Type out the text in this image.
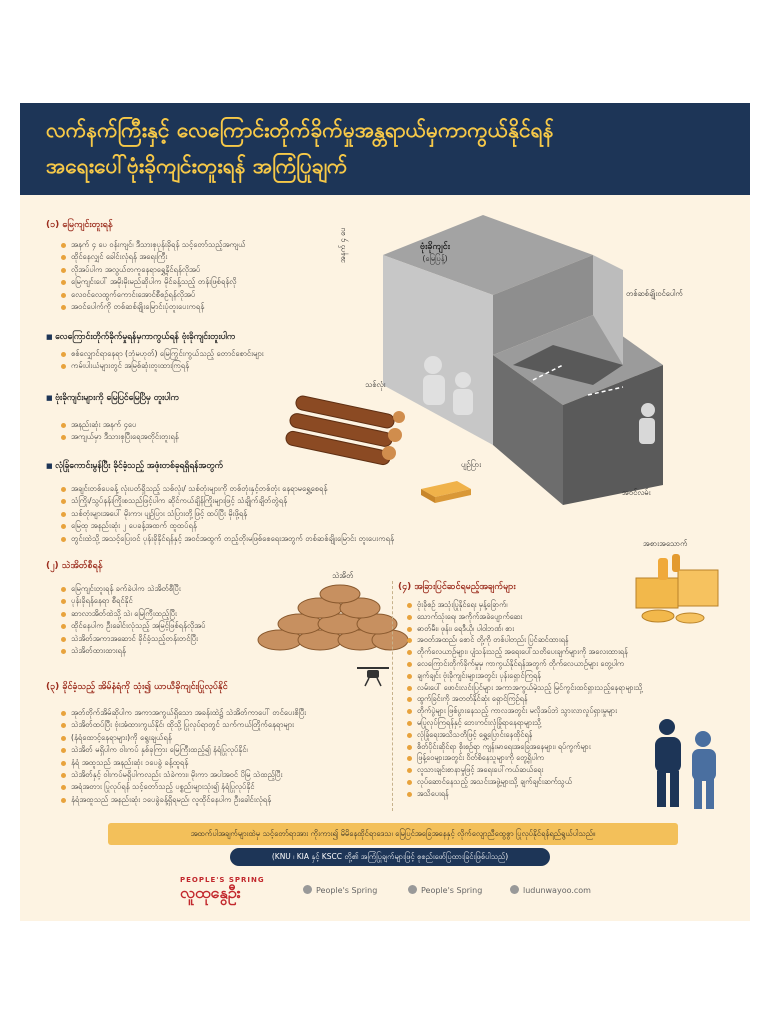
လက်နက်ကြီးနှင့် လေကြောင်းတိုက်ခိုက်မှုအန္တရာယ်မှကာကွယ်နိုင်ရန်
အရေးပေါ်ဗုံးခိုကျင်းတူးရန် အကြံပြုချက်
(၁) မြေကျင်းတူးရန်
အနက် ၄ ပေ ဝန်းကျင်၊ ဒီသားစုပုန်းခိုရန် သင့်တော်သည့်အကျယ်
ထိုင်နေလျှင် ခေါင်းလုံရန် အရေးကြီး
လိုအပ်ပါက အလွယ်တကူနေရာရွှေ့နိုင်ရန်လိုအပ်
မြေကျင်းပေါ် အမိုးမိုးမည်ဆိုပါက မိုင်ခန့်သည့် တန်းဖြစ်ရန်လို
လေဝင်လေထွက်ကောင်းအောင်စီစဉ်ရန်လိုအပ်
အဝင်ပေါက်ကို တစ်ဆစ်ချိုးမြောင်းပုံတူးပေးကရန်
■ လေကြောင်းတိုက်ခိုက်မှုရန်မှကာကွယ်ရန် ဗုံးခိုကျင်းတူးပါက
စစ်လျှောင်ရာနေရာ (ဘုံမဟုတ်) မြေကြွင်းကွယ်သည့် တောင်စောင်းများ
ကမ်းပါးယံများတွင် အမြစ်ဆုံးတူးထားကြရန်
■ ဗုံးခိုကျင်းများကို မြေပြင်မြေပြိမှ တူးပါက
အနည်းဆုံး အနက် ၄ပေ
အကျယ်မှာ ဒီသားစုပြီးရေအတိုင်းတူးရန်
■ လုံခြုံကောင်းမွန်ပြီး ခိုင်ခံ့သည့် အဖုံးတစ်ခုရရှိရန်အတွက်
အချင်းတစ်ပေခန့် လုံးပတ်ရှိသည့် သစ်လုံး/ သစ်တုံးများကို တစ်တုံးနှင့်တစ်တုံး နေရာမရွှေ့စေရန်
သံကြိုး/သွပ်နန်းကြိုးစသည်ဖြင့်ပါက ဆိုင်ကယ်ချိန်ကြိုးများဖြင့် သံချိုက်ချိတ်တွဲရန်
သစ်တုံးများအပေါ် မိုးကာ၊ ပျဉ်ပြား သံပြားတို့ဖြင့် ထပ်ပြီး မိုးဖို့ရန်
မြေထု အနည်းဆုံး ၂ ပေခန့်အထက် ထူထပ်ရန်
တွင်းထဲသို့ အသင့်ပြေးဝင် ပုန်းခိုနိုင်ရန်နှင့် အဝင်အထွက် တည့်တိုးမဖြစ်စေရေးအတွက် တစ်ဆစ်ချိုးမြောင်း တူးပေးကရန်
ဗုံးခိုကျင်း
(မြေပြန့်)
အနက် ၄ ပေ
တစ်ဆစ်ချိုးဝင်ပေါက်
အဝင်လမ်း
သစ်လုံး
ပျဉ်ပြား
(၂) သဲအိတ်စီရန်
မြေကျင်းတူးရန် ခက်ခဲပါက သဲအိတ်စီပြီး
ပုန်းခိုရန်နေရာ စီရင်နိုင်
ဆာလာအိတ်ထဲသို့ သဲ၊ မြေကြီးထည့်ပြီး
ထိုင်နေပါက ဦးခေါင်းလုံသည့် အမြင့်ဖြစ်ရန်လိုအပ်
သဲအိတ်အကာအဆောင် ခိုင်ခံ့သည့်တန်းတင်ပြီး
သဲအိတ်ထားထားရန်
သဲအိတ်
(၃) ခိုင်ခံ့သည့် အိမ်နံရံကို သုံး၍ ယာယီခိုကျင်းပြုလုပ်နိုင်
အုတ်တိုက်အိမ်ဆိုပါက အကာအကွယ်ရှိသော အခန်းထဲ၌ သဲအိတ်ကာပေါ် တင်ပေးစိပြီး
သဲအိတ်ထပ်ပြီး ဗုံးအံထားကွယ်နိုင်၊ ထိုသို့ ပြုလုပ်ရာတွင် သက်ကယ်တြိုက်နေရာများ
(နံရံထောင့်နေရာများ)ကို ရွေးချယ်ရန်
သဲအိတ် မရှိပါက ဝါးကပ် နှစ်ခုကြား မြေကြီးထည့်၍ နံရံပြုလုပ်နိုင်၊
နံရံ အထူသည် အနည်းဆုံး ၁ပေခွဲ ခန့်ထူရန်
သဲအိတ်နှင့် ဝါးကပ်မရှိပါကလည်း သံခဲကား၊ မိုးကာ အပါအဝင် ပိမြ သဲထည့်ပြီး
အရံအတား ပြုလုပ်ရန် သင့်တော်သည့် ပစ္စည်းများသုံး၍ နံရံပြုလုပ်နိုင်
နံရံအထူသည် အနည်းဆုံး ၁ပေခွဲခန့်ရှိရမည်၊ လူထိုင်နေပါက ဦးခေါင်းလုံရန်
(၄) အခြားပြင်ဆင်ရမည့်အချက်များ
ဗုံးခိုစဉ် အသုံးပြုနိုင်ရေး မှန့်ခြောက်၊
သောက်သုံးရေ၊ အကိုက်အခဲပျောက်ဆေး
ဓာတ်မီး၊ ဖုန်း၊ ရေဒီယို၊ ပါဝါဘဏ်၊ စား
အဝတ်အထည်၊ စောင် တို့ကို တစ်ပါတည်း ပြင်ဆင်ထားရန်
တိုက်လေယာဉ်များ၊ ပျံသန်းသည့် အရေးပေါ်သတိပေးချက်များကို အလေးထားရန်
လေကြောင်းတိုက်ခိုက်မှုမှ ကာကွယ်နိုင်ရန်အတွက် တိုက်လေယာဉ်များ တွေ့ပါက
ချက်ချင်း ဗုံးခိုကျင်းများအတွင်း ပုန်းရှောင်ကြရန်
လမ်းပေါ် ဖောင်းလင်းပြင်များ အကာအကွယ်မဲ့သည့် မြင်ကွင်းထင်ရှားသည့်နေရာများသို့
ထွက်ခြင်းကို အတတ်နိုင်ဆုံး ရှောင်ကြဉ်ရန်
တိုက်ပွဲများ ဖြစ်ပွားနေသည့် ကာလအတွင်း မလိုအပ်ဘဲ သွားလာလှုပ်ရှားမှုများ
မပြုလုပ်ကြရန်နှင့် ဘေးကင်းလုံခြုံရာနေရာများသို့
လုံခြုံရေးအသိသတိဖြင့် ရွှေ့ပြောင်းနေထိုင်ရန်
စိတ်ပိုင်းဆိုင်ရာ စိုးစဉ်ရာ ကျန်းမာရေးအခြေအနေများ၊ ရပ်ကွက်များ
ဖြန့်ဝေများအတွင်း ဝိတ်စိနေသူများကို တွေ့ရှိပါက
လူသားချင်းစာနာမှုဖြင့် အရေးပေါ်ကယ်ဆယ်ရေး
လုပ်ဆောင်နေသည့် အသင်းအဖွဲ့များသို့ ချက်ချင်းဆက်သွယ်
အသိပေးရန်
အစားအသောက်
အထက်ပါအချက်များထဲမှ သင့်တော်ရာအား ကိုးကား၍ မိမိနေထိုင်ရာဒေသ၊ မြေပြင်အခြေအနေနှင့် လိုက်လျောညီထွေစွာ ပြုလုပ်နိုင်ရန်ရည်ရွယ်ပါသည်။
(KNU ၊ KIA နှင့် KSCC တို့၏ အကြံပြုချက်များဖြင့် စုစည်းဖော်ပြထားခြင်းဖြစ်ပါသည်)
PEOPLE'S SPRING
လူထုနွေဦး	People's Spring	People's Spring	ludunwayoo.com
